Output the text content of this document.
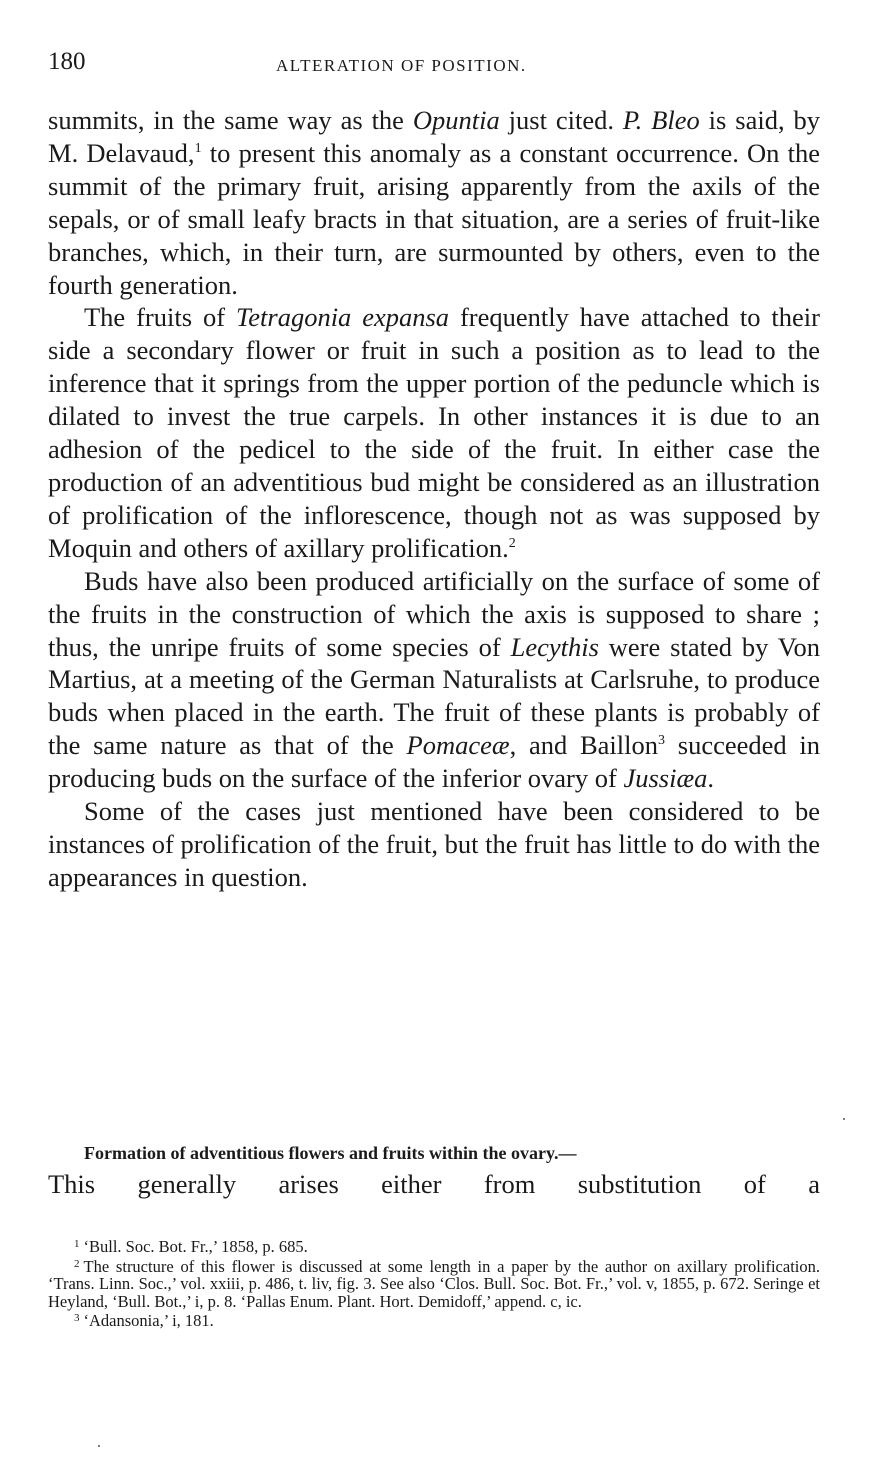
180	ALTERATION OF POSITION.

summits, in the same way as the Opuntia just cited. P. Bleo is said, by M. Delavaud,$^1$ to present this anomaly as a constant occurrence. On the summit of the primary fruit, arising apparently from the axils of the sepals, or of small leafy bracts in that situation, are a series of fruit-like branches, which, in their turn, are surmounted by others, even to the fourth generation.

The fruits of Tetragonia expansa frequently have attached to their side a secondary flower or fruit in such a position as to lead to the inference that it springs from the upper portion of the peduncle which is dilated to invest the true carpels. In other instances it is due to an adhesion of the pedicel to the side of the fruit. In either case the production of an adventitious bud might be considered as an illustration of prolification of the inflorescence, though not as was supposed by Moquin and others of axillary prolification.$^2$

Buds have also been produced artificially on the surface of some of the fruits in the construction of which the axis is supposed to share ; thus, the unripe fruits of some species of Lecythis were stated by Von Martius, at a meeting of the German Naturalists at Carlsruhe, to produce buds when placed in the earth. The fruit of these plants is probably of the same nature as that of the Pomaceæ, and Baillon$^3$ succeeded in producing buds on the surface of the inferior ovary of Jussiæa.

Some of the cases just mentioned have been considered to be instances of prolification of the fruit, but the fruit has little to do with the appearances in question.

Formation of adventitious flowers and fruits within the ovary.—
This generally arises either from substitution of a

$^1$ ‘Bull. Soc. Bot. Fr.,’ 1858, p. 685.

$^2$ The structure of this flower is discussed at some length in a paper by the author on axillary prolification. ‘Trans. Linn. Soc.,’ vol. xxiii, p. 486, t. liv, fig. 3. See also ‘Clos. Bull. Soc. Bot. Fr.,’ vol. v, 1855, p. 672. Seringe et Heyland, ‘Bull. Bot.,’ i, p. 8. ‘Pallas Enum. Plant. Hort. Demidoff,’ append. c, ic.

$^3$ ‘Adansonia,’ i, 181.
